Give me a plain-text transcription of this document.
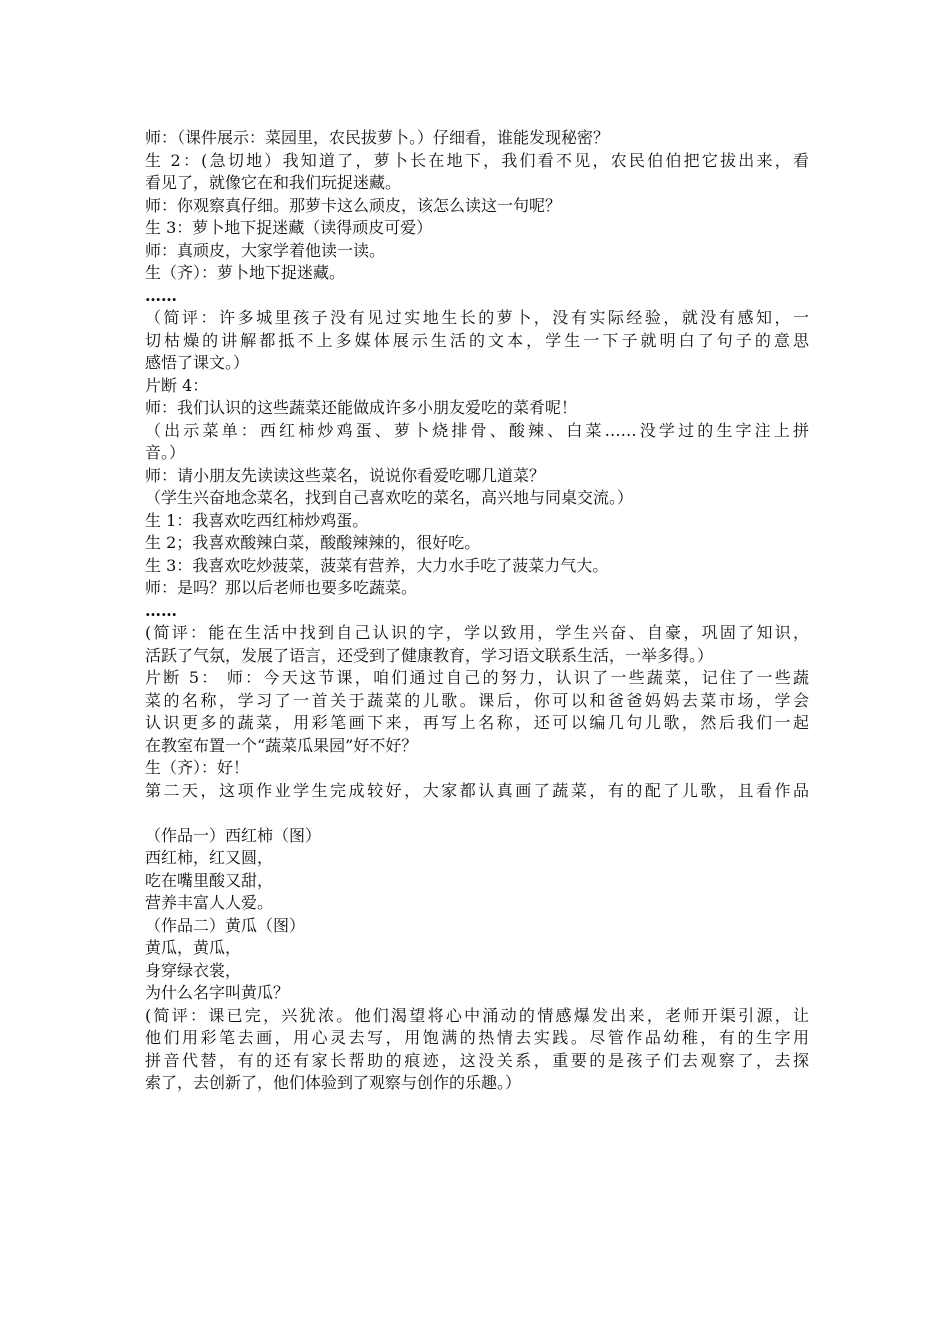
师：（课件展示：菜园里，农民拔萝卜。）仔细看，谁能发现秘密？
生 2：(急切地）我知道了，萝卜长在地下，我们看不见，农民伯伯把它拔出来，看
看见了，就像它在和我们玩捉迷藏。
师：你观察真仔细。那萝卡这么顽皮，该怎么读这一句呢？
生 3：萝卜地下捉迷藏（读得顽皮可爱）
师：真顽皮，大家学着他读一读。
生（齐）：萝卜地下捉迷藏。
……
（简评：许多城里孩子没有见过实地生长的萝卜，没有实际经验，就没有感知，一
切枯燥的讲解都抵不上多媒体展示生活的文本，学生一下子就明白了句子的意思
感悟了课文。）
片断 4：
师：我们认识的这些蔬菜还能做成许多小朋友爱吃的菜肴呢！
（出示菜单：西红柿炒鸡蛋、萝卜烧排骨、酸辣、白菜……没学过的生字注上拼
音。）
师：请小朋友先读读这些菜名，说说你看爱吃哪几道菜？
（学生兴奋地念菜名，找到自己喜欢吃的菜名，高兴地与同桌交流。）
生 1：我喜欢吃西红柿炒鸡蛋。
生 2；我喜欢酸辣白菜，酸酸辣辣的，很好吃。
生 3：我喜欢吃炒菠菜，菠菜有营养，大力水手吃了菠菜力气大。
师：是吗？那以后老师也要多吃蔬菜。
……
(简评：能在生活中找到自己认识的字，学以致用，学生兴奋、自豪，巩固了知识，
活跃了气氛，发展了语言，还受到了健康教育，学习语文联系生活，一举多得。）
片断 5： 师：今天这节课，咱们通过自己的努力，认识了一些蔬菜，记住了一些蔬
菜的名称，学习了一首关于蔬菜的儿歌。课后，你可以和爸爸妈妈去菜市场，学会
认识更多的蔬菜，用彩笔画下来，再写上名称，还可以编几句儿歌，然后我们一起
在教室布置一个“蔬菜瓜果园”好不好？
生（齐）：好！
第二天，这项作业学生完成较好，大家都认真画了蔬菜，有的配了儿歌，且看作品
（作品一）西红柿（图）
西红柿，红又圆，
吃在嘴里酸又甜，
营养丰富人人爱。
（作品二）黄瓜（图）
黄瓜，黄瓜，
身穿绿衣裳，
为什么名字叫黄瓜？
(简评：课已完，兴犹浓。他们渴望将心中涌动的情感爆发出来，老师开渠引源，让
他们用彩笔去画，用心灵去写，用饱满的热情去实践。尽管作品幼稚，有的生字用
拼音代替，有的还有家长帮助的痕迹，这没关系，重要的是孩子们去观察了，去探
索了，去创新了，他们体验到了观察与创作的乐趣。）
